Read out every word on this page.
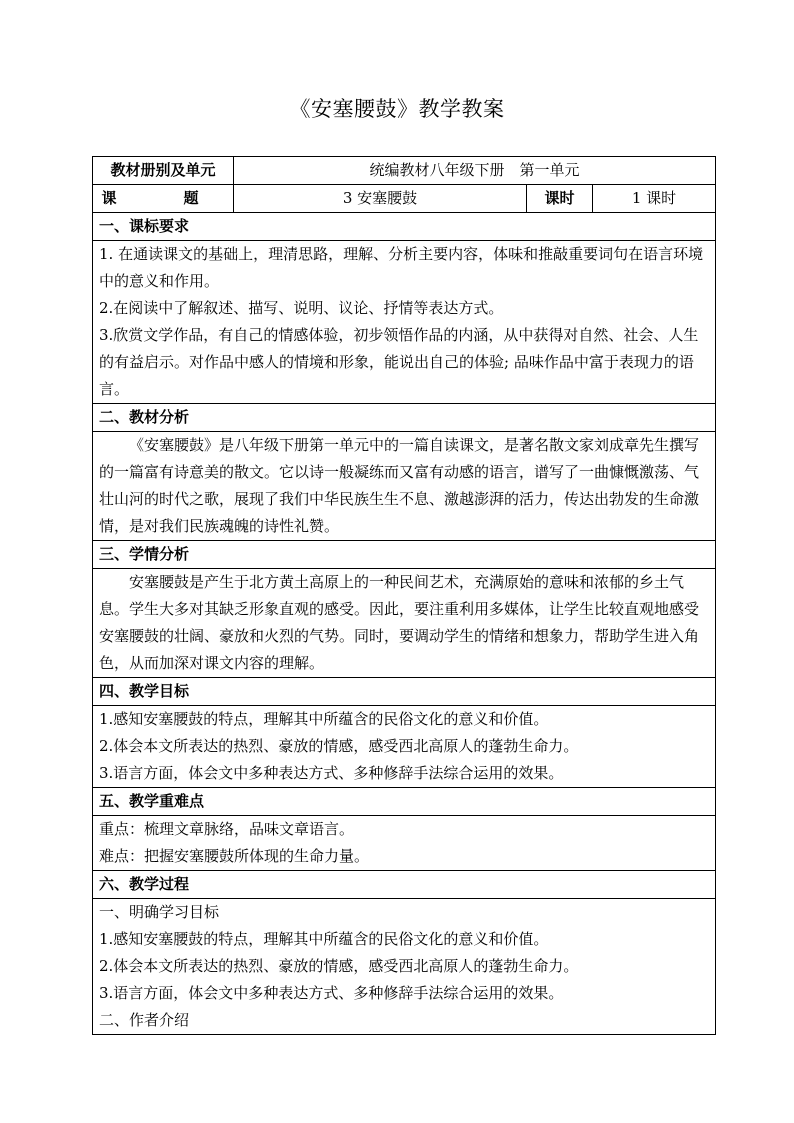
《安塞腰鼓》教学教案
教材册别及单元	统编教材八年级下册　第一单元		
课　题	3 安塞腰鼓	课时	1 课时
一、课标要求			

1. 在通读课文的基础上，理清思路，理解、分析主要内容，体味和推敲重要词句在语言环境中的意义和作用。
2.在阅读中了解叙述、描写、说明、议论、抒情等表达方式。
3.欣赏文学作品，有自己的情感体验，初步领悟作品的内涵，从中获得对自然、社会、人生的有益启示。对作品中感人的情境和形象，能说出自己的体验; 品味作品中富于表现力的语言。			

二、教材分析			
《安塞腰鼓》是八年级下册第一单元中的一篇自读课文，是著名散文家刘成章先生撰写的一篇富有诗意美的散文。它以诗一般凝练而又富有动感的语言，谱写了一曲慷慨激荡、气壮山河的时代之歌，展现了我们中华民族生生不息、激越澎湃的活力，传达出勃发的生命激情，是对我们民族魂魄的诗性礼赞。			
三、学情分析			
安塞腰鼓是产生于北方黄土高原上的一种民间艺术，充满原始的意味和浓郁的乡土气息。学生大多对其缺乏形象直观的感受。因此，要注重利用多媒体，让学生比较直观地感受安塞腰鼓的壮阔、豪放和火烈的气势。同时，要调动学生的情绪和想象力，帮助学生进入角色，从而加深对课文内容的理解。			
四、教学目标			

1.感知安塞腰鼓的特点，理解其中所蕴含的民俗文化的意义和价值。
2.体会本文所表达的热烈、豪放的情感，感受西北高原人的蓬勃生命力。
3.语言方面，体会文中多种表达方式、多种修辞手法综合运用的效果。			

五、教学重难点			

重点：梳理文章脉络，品味文章语言。
难点：把握安塞腰鼓所体现的生命力量。			

六、教学过程			

一、明确学习目标
1.感知安塞腰鼓的特点，理解其中所蕴含的民俗文化的意义和价值。
2.体会本文所表达的热烈、豪放的情感，感受西北高原人的蓬勃生命力。
3.语言方面，体会文中多种表达方式、多种修辞手法综合运用的效果。
二、作者介绍			
